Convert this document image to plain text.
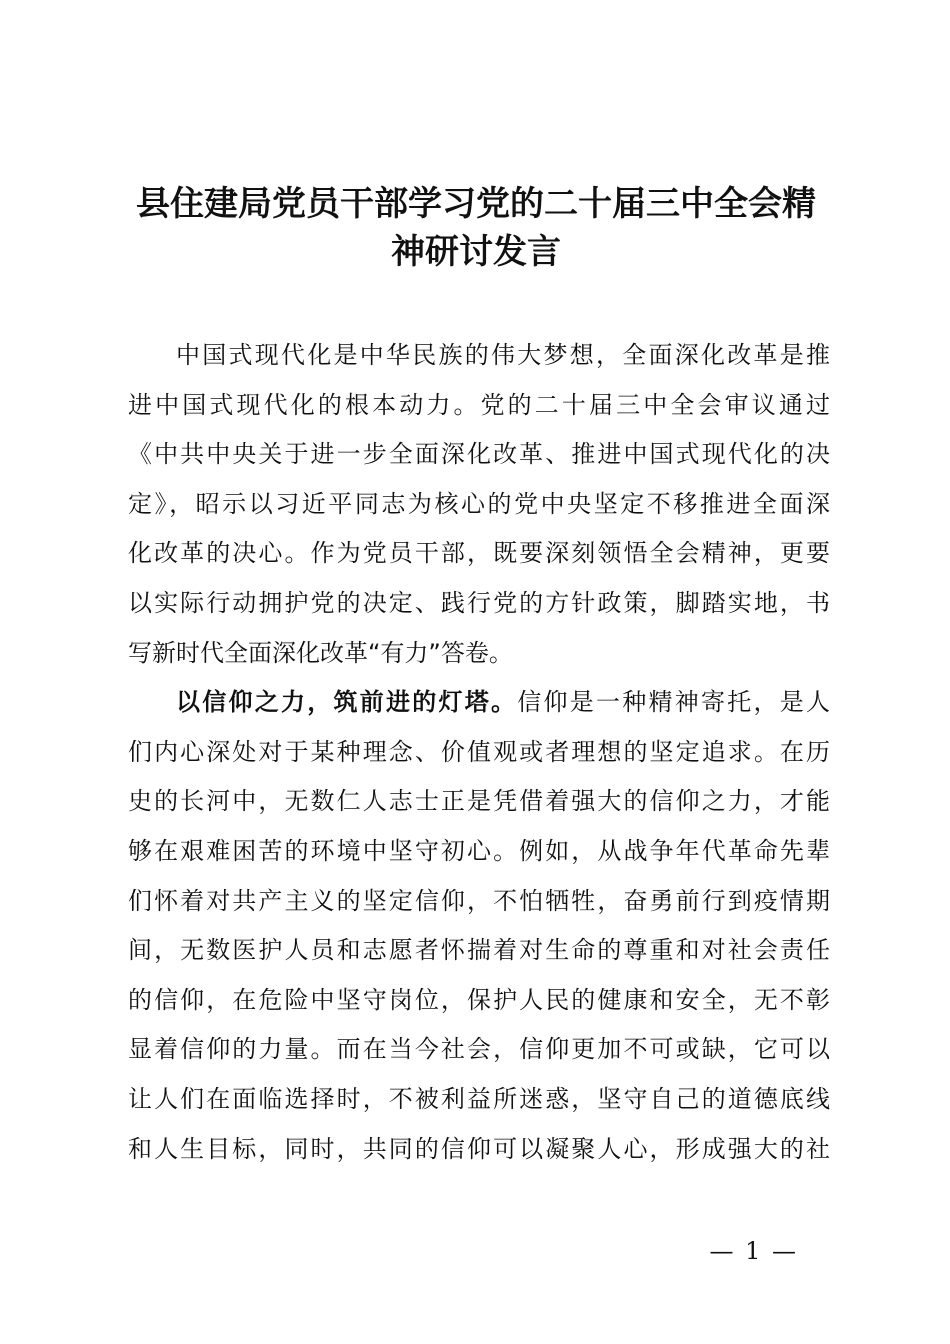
县住建局党员干部学习党的二十届三中全会精
神研讨发言

中国式现代化是中华民族的伟大梦想，全面深化改革是推
进中国式现代化的根本动力。党的二十届三中全会审议通过
《中共中央关于进一步全面深化改革、推进中国式现代化的决
定》，昭示以习近平同志为核心的党中央坚定不移推进全面深
化改革的决心。作为党员干部，既要深刻领悟全会精神，更要
以实际行动拥护党的决定、践行党的方针政策，脚踏实地，书
写新时代全面深化改革“有力”答卷。

以信仰之力，筑前进的灯塔。信仰是一种精神寄托，是人
们内心深处对于某种理念、价值观或者理想的坚定追求。在历
史的长河中，无数仁人志士正是凭借着强大的信仰之力，才能
够在艰难困苦的环境中坚守初心。例如，从战争年代革命先辈
们怀着对共产主义的坚定信仰，不怕牺牲，奋勇前行到疫情期
间，无数医护人员和志愿者怀揣着对生命的尊重和对社会责任
的信仰，在危险中坚守岗位，保护人民的健康和安全，无不彰
显着信仰的力量。而在当今社会，信仰更加不可或缺，它可以
让人们在面临选择时，不被利益所迷惑，坚守自己的道德底线
和人生目标，同时，共同的信仰可以凝聚人心，形成强大的社

— 1 —
